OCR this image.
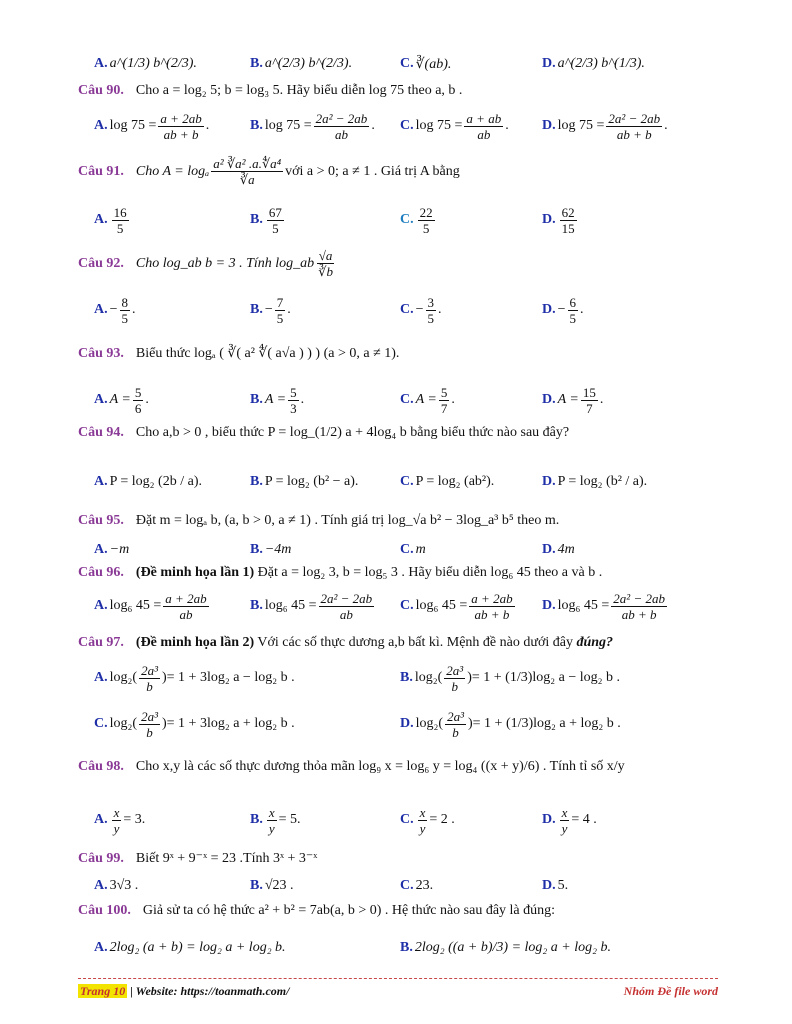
A. a^(1/3) b^(2/3).	B. a^(2/3) b^(2/3).	C. ∛(ab).	D. a^(2/3) b^(1/3).
Câu 90. Cho a = log₂ 5; b = log₃ 5. Hãy biểu diễn log 75 theo a, b .
A. $\log 75 = \frac{a + 2ab}{ab + b}$ .	B. $\log 75 = \frac{\text{2a² − 2ab}}{ab}$ . C. $\log 75 = \frac{a + ab}{ab}$ . D. $\log 75 = \frac{\text{2a² − 2ab}}{ab + b}$ .
Câu 91. Cho A = logₐ $\frac{\text{a² ∛a² .a.∜a⁴}}{∛a}$ với a > 0; a ≠ 1 . Giá trị A bằng
A. $\frac{16}{5}$	B. $\frac{67}{5}$	C. $\frac{22}{5}$	D. $\frac{62}{15}$
Câu 92. Cho log_ab b = 3 . Tính log_ab $\frac{√a}{∛b}$
A. − $\frac{8}{5}$ .	B. − $\frac{7}{5}$ .	C. − $\frac{3}{5}$ .	D. − $\frac{6}{5}$ .
Câu 93. Biểu thức logₐ ( ∛( a² ∜( a√a ) ) ) (a > 0, a ≠ 1).
A. $A = \frac{5}{6}$ .	B. $A = \frac{5}{3}$ .	C. $A = \frac{5}{7}$ .	D. $A = \frac{15}{7}$ .
Câu 94. Cho a,b > 0 , biểu thức P = log_(1/2) a + 4log₄ b bằng biểu thức nào sau đây?
A. P = log₂ (2b / a).	B. P = log₂ (b² − a).	C. P = log₂ (ab²).	D. P = log₂ (b² / a).
Câu 95. Đặt m = logₐ b, (a, b > 0, a ≠ 1) . Tính giá trị log_√a b² − 3log_a³ b⁵ theo m.
A. −m	B. −4m	C. m	D. 4m
Câu 96. (Đề minh họa lần 1) Đặt a = log₂ 3, b = log₅ 3 . Hãy biểu diễn log₆ 45 theo a và b .
A. log₆ $45 = \frac{a + 2ab}{ab}$	B. log₆ $45 = \frac{\text{2a² − 2ab}}{ab} C$. log₆ $45 = \frac{a + 2ab}{ab + b} D$. log₆ $45 = \frac{\text{2a² − 2ab}}{ab + b}$
Câu 97. (Đề minh họa lần 2) Với các số thực dương a,b bất kì. Mệnh đề nào dưới đây đúng?
A. log₂ ( $\frac{\text{2a³}}{b}$ ) = 1 + 3log₂ a − log₂ b .	B. log₂ ( $\frac{\text{2a³}}{b}$ ) = 1 + (1/3)log₂ a − log₂ b .
C. log₂ ( $\frac{\text{2a³}}{b}$ ) = 1 + 3log₂ a + log₂ b .	D. log₂ ( $\frac{\text{2a³}}{b}$ ) = 1 + (1/3)log₂ a + log₂ b .
Câu 98. Cho x,y là các số thực dương thỏa mãn log₉ x = log₆ y = log₄ ((x + y)/6) . Tính tỉ số x/y
A. $\frac{x}{y} = 3$.	B. $\frac{x}{y} = 5$.	C. $\frac{x}{y} = 2$ .	D. $\frac{x}{y} = 4$ .
Câu 99. Biết 9ˣ + 9⁻ˣ = 23 .Tính 3ˣ + 3⁻ˣ
A. 3√3 .	B. √23 .	C. 23.	D. 5.
Câu 100. Giả sử ta có hệ thức a² + b² = 7ab(a, b > 0) . Hệ thức nào sau đây là đúng:
A. 2log₂ (a + b) = log₂ a + log₂ b.	B. 2log₂ ((a + b)/3) = log₂ a + log₂ b.
Trang 10 | Website: https://toanmath.com/	Nhóm Đề file word
